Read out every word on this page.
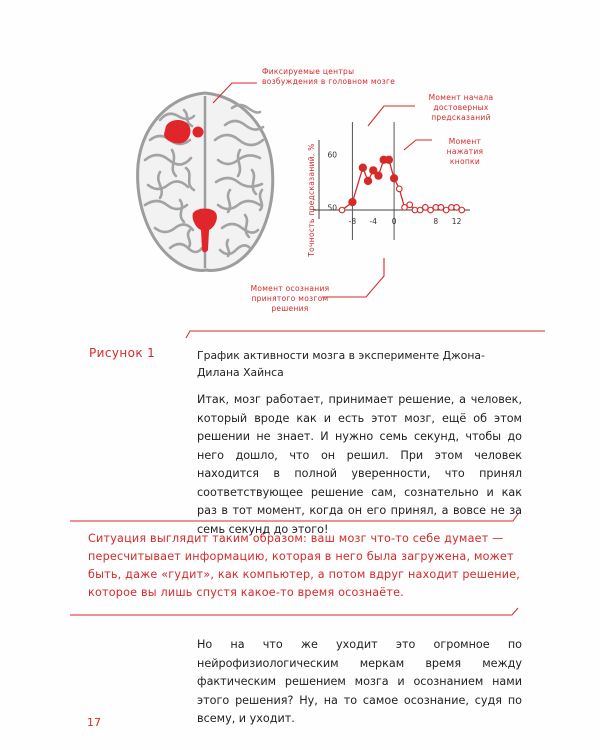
Точность предсказаний, % 50
60
-8 -4 0	8 12
Фиксируемые центры возбуждения в головном мозге
Момент начала достоверных предсказаний
Момент нажатия кнопки
Момент осознания принятого мозгом решения
Рисунок 1	График активности мозга в эксперименте Джона-Дилана Хайнса

Итак, мозг работает, принимает решение, а человек, который вроде как и есть этот мозг, ещё об этом решении не знает. И нужно семь секунд, чтобы до него дошло, что он решил. При этом человек находится в полной уверенности, что принял соответствующее решение сам, сознательно и как раз в тот момент, когда он его принял, а вовсе не за семь секунд до этого!

Ситуация выглядит таким образом: ваш мозг что-то себе думает — пересчитывает информацию, которая в него была загружена, может быть, даже «гудит», как компьютер, а потом вдруг находит решение, которое вы лишь спустя какое-то время осознаёте.

Но на что же уходит это огромное по нейрофизиологическим меркам время между фактическим решением мозга и осознанием нами этого решения? Ну, на то самое осознание, судя по всему, и уходит.

17
